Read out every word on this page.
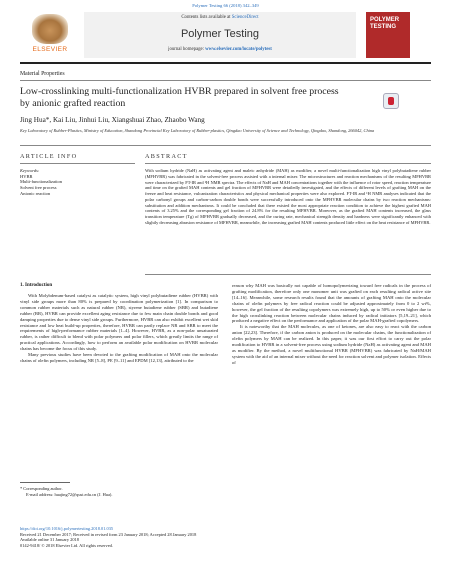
Polymer Testing 66 (2018) 342–349
ELSEVIER
Contents lists available at ScienceDirect
Polymer Testing
journal homepage: www.elsevier.com/locate/polytest
POLYMER
TESTING
Material Properties
Low-crosslinking multi-functionalization HVBR prepared in solvent free process by anionic grafted reaction
Jing Hua*, Kai Liu, Jinhui Liu, Xiangshuai Zhao, Zhaobo Wang
Key Laboratory of Rubber-Plastics, Ministry of Education, Shandong Provincial Key Laboratory of Rubber-plastics, Qingdao University of Science and Technology, Qingdao, Shandong, 266042, China
ARTICLE INFO	ABSTRACT
Keywords:
HVBR
Multi-functionalization
Solvent free process
Anionic reaction
With sodium hydride (NaH) as activating agent and maleic anhydride (MAH) as modifier, a novel multi-functionalization high vinyl polybutadiene rubber (MFHVBR) was fabricated in the solvent-free process assisted with a internal mixer. The microstructures and reaction mechanisms of the resulting MFHVBR were characterized by FT-IR and ¹H NMR spectra. The effects of NaH and MAH concentrations together with the influence of rotor speed, reaction temperature and time on the grafted MAH contents and gel fraction of MFHVBR were detailedly investigated, and the effects of different levels of grafting MAH on the freeze and heat resistance, vulcanization characteristics and physical mechanical properties were also explored. FT-IR and ¹H NMR analyses indicated that the polar carbonyl groups and carbon-carbon double bonds were successfully introduced onto the MFHVBR molecular chains by two reaction mechanisms: substitution and addition mechanisms. It could be concluded that there existed the most appropriate reaction condition to achieve the highest grafted MAH contents of 3.25% and the corresponding gel fraction of 24.8% for the resulting MFHVBR. Moreover, as the grafted MAH contents increased, the glass transition temperature (Tg) of MFHVBR gradually decreased, and the curing rate, mechanical strength density and hardness were significantly enhanced with slightly decreasing abrasion resistance of MFHVBR, meanwhile, the increasing grafted MAH contents produced little effect on the heat resistance of MFHVBR.
1. Introduction

With Molybdenum-based catalyst as catalytic system, high vinyl polybutadiene rubber (HVBR) with vinyl side groups more than 80% is prepared by coordination polymerization [1]. In comparison to common rubber materials such as natural rubber (NR), styrene butadiene rubber (SBR) and butadiene rubber (BR), HVBR can provide excellent aging resistance due to few main chain double bonds and good damping properties due to dense vinyl side groups. Furthermore, HVBR can also exhibit excellent wet skid resistance and low heat build-up properties, therefore, HVBR can partly replace NR and SBR to meet the requirements of high-performance rubber materials [1–4]. However, HVBR, as a non-polar unsaturated rubber, is rather difficult to blend with polar polymers and polar fillers, which greatly limits the range of practical applications. Accordingly, how to perform an available polar modification on HVBR molecular chains has become the focus of this study.

Many previous studies have been devoted to the grafting modification of MAH onto the molecular chains of olefin polymers, including NR [5–8], PE [9–11] and EPDM [12,13], attributed to the

reason why MAH was basically not capable of homopolymerizing toward free radicals in the process of grafting modification, therefore only one monomer unit was grafted on each resulting radical active site [14–16]. Meanwhile, some research results found that the amounts of grafting MAH onto the molecular chains of olefin polymers by free radical reaction could be adjusted approximately from 0 to 2 wt%, however, the gel fraction of the resulting copolymers was extremely high, up to 50% or even higher due to the high crosslinking reaction between molecular chains induced by radical initiators [5,19–21], which produced a negative effect on the performance and application of the polar MAH-grafted copolymers.

It is noteworthy that the MAH molecules, as one of ketones, are also easy to react with the carbon anion [22,23]. Therefore, if the carbon anion is produced on the molecular chains, the functionalization of olefin polymers by MAH can be realized. In this paper, it was our first effort to carry out the polar modification to HVBR in a solvent-free process using sodium hydride (NaH) as activating agent and MAH as modifier. By the method, a novel multifunctional HVBR (MFHVBR) was fabricated by NaH/MAH system with the aid of an internal mixer without the need for reaction solvent and polymer isolation. Effects of

* Corresponding author.
E-mail address: huajing72@qust.edu.cn (J. Hua).
https://doi.org/10.1016/j.polymertesting.2018.01.035
Received 21 December 2017; Received in revised form 23 January 2018; Accepted 28 January 2018
Available online 31 January 2018
0142-9418/ © 2018 Elsevier Ltd. All rights reserved.
